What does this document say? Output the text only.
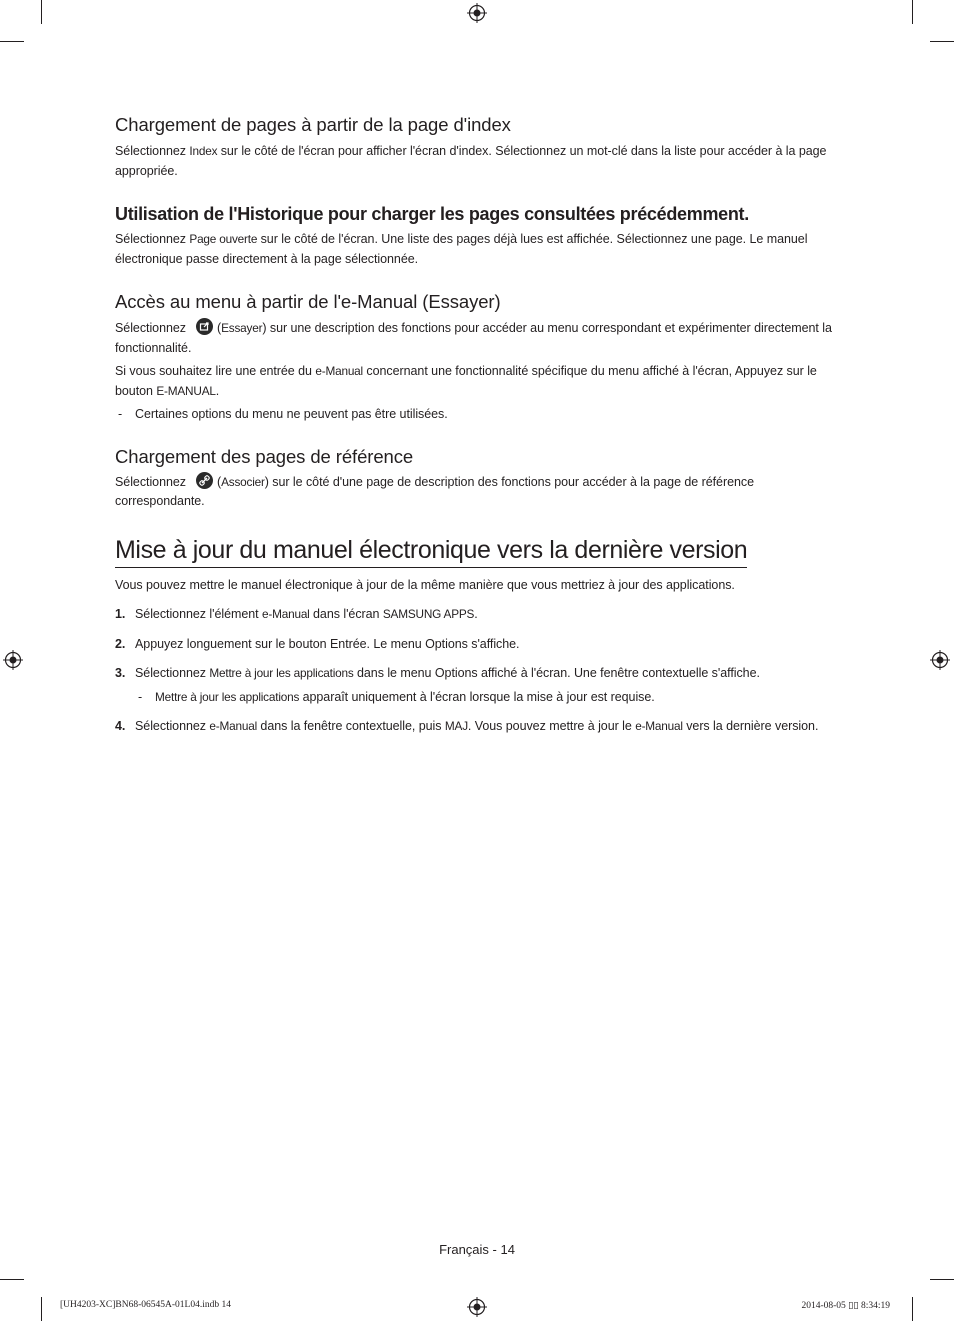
Chargement de pages à partir de la page d'index

Sélectionnez Index sur le côté de l'écran pour afficher l'écran d'index. Sélectionnez un mot-clé dans la liste pour accéder à la page appropriée.

Utilisation de l'Historique pour charger les pages consultées précédemment.

Sélectionnez Page ouverte sur le côté de l'écran. Une liste des pages déjà lues est affichée. Sélectionnez une page. Le manuel électronique passe directement à la page sélectionnée.

Accès au menu à partir de l'e-Manual (Essayer)

Sélectionnez (Essayer) sur une description des fonctions pour accéder au menu correspondant et expérimenter directement la fonctionnalité.

Si vous souhaitez lire une entrée du e-Manual concernant une fonctionnalité spécifique du menu affiché à l'écran, Appuyez sur le bouton E-MANUAL.

- Certaines options du menu ne peuvent pas être utilisées.

Chargement des pages de référence

Sélectionnez (Associer) sur le côté d'une page de description des fonctions pour accéder à la page de référence correspondante.

Mise à jour du manuel électronique vers la dernière version

Vous pouvez mettre le manuel électronique à jour de la même manière que vous mettriez à jour des applications.

1. Sélectionnez l'élément e-Manual dans l'écran SAMSUNG APPS.

2. Appuyez longuement sur le bouton Entrée. Le menu Options s'affiche.

3. Sélectionnez Mettre à jour les applications dans le menu Options affiché à l'écran. Une fenêtre contextuelle s'affiche.

- Mettre à jour les applications apparaît uniquement à l'écran lorsque la mise à jour est requise.

4. Sélectionnez e-Manual dans la fenêtre contextuelle, puis MAJ. Vous pouvez mettre à jour le e-Manual vers la dernière version.

Français - 14
[UH4203-XC]BN68-06545A-01L04.indb 14	2014-08-05 ▯▯ 8:34:19
